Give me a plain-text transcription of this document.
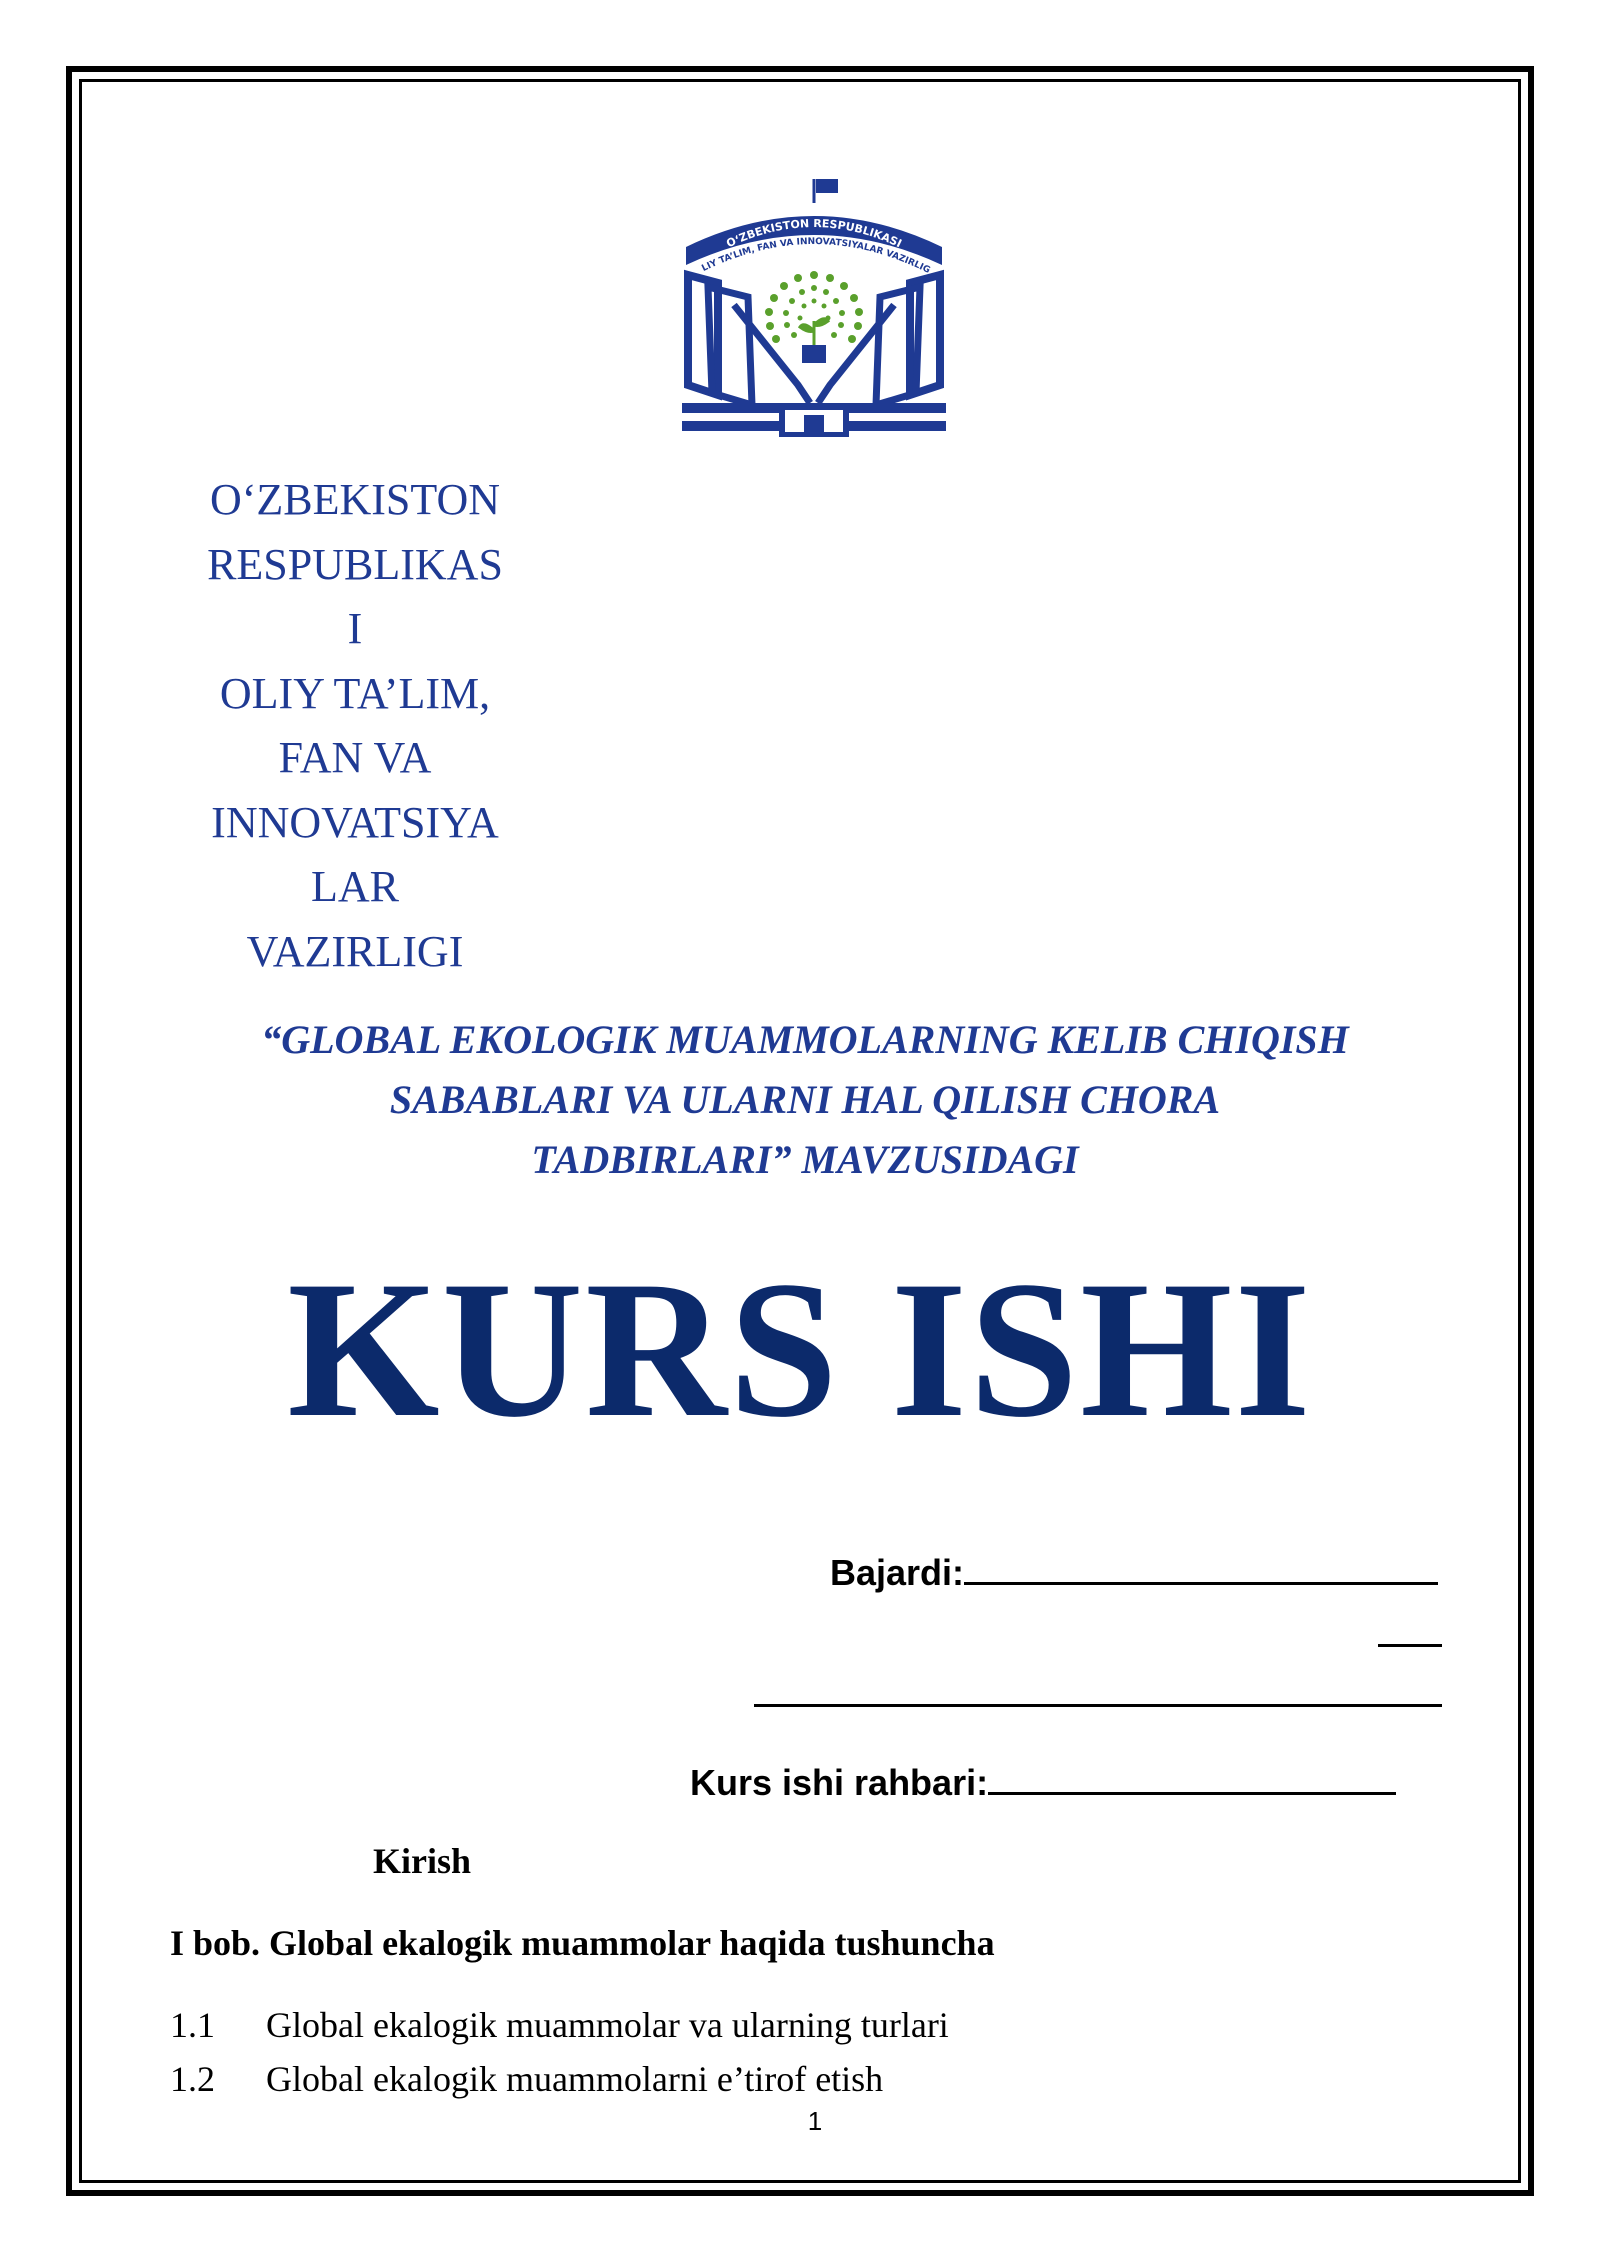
O‘ZBEKISTON RESPUBLIKASI
LIY TA’LIM, FAN VA INNOVATSIYALAR VAZIRLIG
O‘ZBEKISTON
RESPUBLIKAS
I
OLIY TA’LIM,
FAN VA
INNOVATSIYA
LAR
VAZIRLIGI
“GLOBAL EKOLOGIK MUAMMOLARNING KELIB CHIQISH
SABABLARI VA ULARNI HAL QILISH CHORA
TADBIRLARI” MAVZUSIDAGI
KURS ISHI
Bajardi:
Kurs ishi rahbari:
Kirish
I bob. Global ekalogik muammolar haqida tushuncha
1.1 Global ekalogik muammolar va ularning turlari
1.2 Global ekalogik muammolarni e’tirof etish
1
